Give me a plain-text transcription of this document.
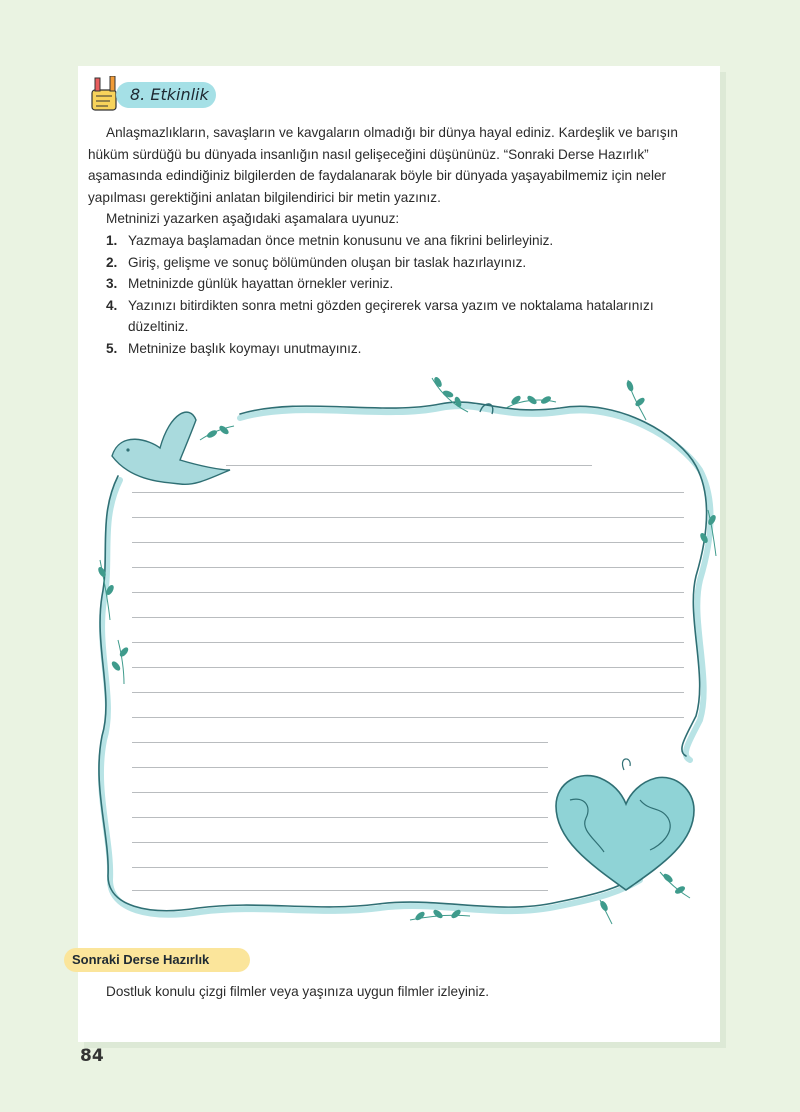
8. Etkinlik

Anlaşmazlıkların, savaşların ve kavgaların olmadığı bir dünya hayal ediniz. Kardeşlik ve barışın hüküm sürdüğü bu dünyada insanlığın nasıl gelişeceğini düşününüz. “Sonraki Derse Hazırlık” aşamasında edindiğiniz bilgilerden de faydalanarak böyle bir dünyada yaşayabilmemiz için neler yapılması gerektiğini anlatan bilgilendirici bir metin yazınız.

Metninizi yazarken aşağıdaki aşamalara uyunuz:

1. Yazmaya başlamadan önce metnin konusunu ve ana fikrini belirleyiniz.
2. Giriş, gelişme ve sonuç bölümünden oluşan bir taslak hazırlayınız.
3. Metninizde günlük hayattan örnekler veriniz.
4. Yazınızı bitirdikten sonra metni gözden geçirerek varsa yazım ve noktalama hatalarınızı düzeltiniz.
5. Metninize başlık koymayı unutmayınız.
Sonraki Derse Hazırlık
Dostluk konulu çizgi filmler veya yaşınıza uygun filmler izleyiniz.
84
